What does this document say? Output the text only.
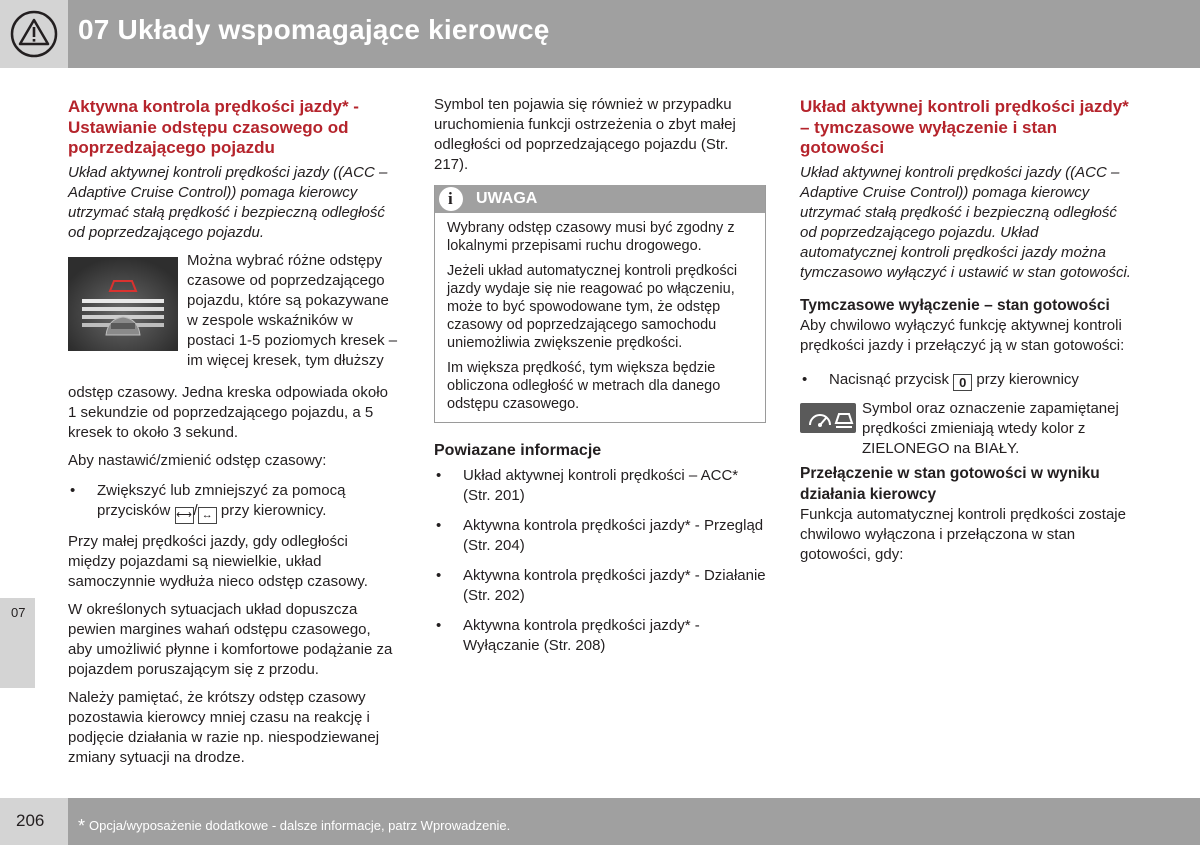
07 Układy wspomagające kierowcę
07
Aktywna kontrola prędkości jazdy* - Ustawianie odstępu czasowego od poprzedzającego pojazdu
Układ aktywnej kontroli prędkości jazdy ((ACC – Adaptive Cruise Control)) pomaga kierowcy utrzymać stałą prędkość i bezpieczną odległość od poprzedzającego pojazdu.
Można wybrać różne odstępy czasowe od poprzedzającego pojazdu, które są pokazywane w zespole wskaźników w postaci 1-5 poziomych kresek – im więcej kresek, tym dłuższy
odstęp czasowy. Jedna kreska odpowiada około 1 sekundzie od poprzedzającego pojazdu, a 5 kresek to około 3 sekund.
Aby nastawić/zmienić odstęp czasowy:
• Zwiększyć lub zmniejszyć za pomocą przycisków ⟷ / ↔ przy kierownicy.
Przy małej prędkości jazdy, gdy odległości między pojazdami są niewielkie, układ samoczynnie wydłuża nieco odstęp czasowy.
W określonych sytuacjach układ dopuszcza pewien margines wahań odstępu czasowego, aby umożliwić płynne i komfortowe podążanie za pojazdem poruszającym się z przodu.
Należy pamiętać, że krótszy odstęp czasowy pozostawia kierowcy mniej czasu na reakcję i podjęcie działania w razie np. niespodziewanej zmiany sytuacji na drodze.
Symbol ten pojawia się również w przypadku uruchomienia funkcji ostrzeżenia o zbyt małej odległości od poprzedzającego pojazdu (Str. 217).
i UWAGA

Wybrany odstęp czasowy musi być zgodny z lokalnymi przepisami ruchu drogowego.

Jeżeli układ automatycznej kontroli prędkości jazdy wydaje się nie reagować po włączeniu, może to być spowodowane tym, że odstęp czasowy od poprzedzającego samochodu uniemożliwia zwiększenie prędkości.

Im większa prędkość, tym większa będzie obliczona odległość w metrach dla danego odstępu czasowego.

Powiazane informacje
• Układ aktywnej kontroli prędkości – ACC* (Str. 201)
• Aktywna kontrola prędkości jazdy* - Przegląd (Str. 204)
• Aktywna kontrola prędkości jazdy* - Działanie (Str. 202)
• Aktywna kontrola prędkości jazdy* - Wyłączanie (Str. 208)
Układ aktywnej kontroli prędkości jazdy* – tymczasowe wyłączenie i stan gotowości
Układ aktywnej kontroli prędkości jazdy ((ACC – Adaptive Cruise Control)) pomaga kierowcy utrzymać stałą prędkość i bezpieczną odległość od poprzedzającego pojazdu. Układ automatycznej kontroli prędkości jazdy można tymczasowo wyłączyć i ustawić w stan gotowości.
Tymczasowe wyłączenie – stan gotowości
Aby chwilowo wyłączyć funkcję aktywnej kontroli prędkości jazdy i przełączyć ją w stan gotowości:
• Nacisnąć przycisk 0 przy kierownicy
Symbol oraz oznaczenie zapamiętanej prędkości zmieniają wtedy kolor z ZIELONEGO na BIAŁY.
Przełączenie w stan gotowości w wyniku działania kierowcy
Funkcja automatycznej kontroli prędkości zostaje chwilowo wyłączona i przełączona w stan gotowości, gdy:
206 * Opcja/wyposażenie dodatkowe - dalsze informacje, patrz Wprowadzenie.
